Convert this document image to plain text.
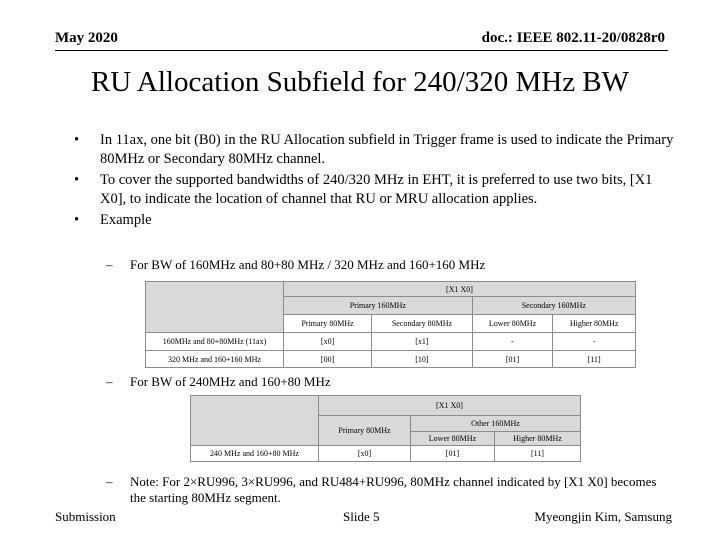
May 2020	doc.: IEEE 802.11-20/0828r0
RU Allocation Subfield for 240/320 MHz BW
• In 11ax, one bit (B0) in the RU Allocation subfield in Trigger frame is used to indicate the Primary 80MHz or Secondary 80MHz channel.
• To cover the supported bandwidths of 240/320 MHz in EHT, it is preferred to use two bits, [X1 X0], to indicate the location of channel that RU or MRU allocation applies.
• Example
–	For BW of 160MHz and 80+80 MHz / 320 MHz and 160+160 MHz
	[X1 X0]			
	Primary 160MHz		Secondary 160MHz	
	Primary 80MHz	Secondary 80MHz	Lower 80MHz	Higher 80MHz
160MHz and 80+80MHz (11ax)	[x0]	[x1]	-	-
320 MHz and 160+160 MHz	[00]	[10]	[01]	[11]
–	For BW of 240MHz and 160+80 MHz
	[X1 X0]		
	Primary 80MHz	Other 160MHz	
		Lower 80MHz	Higher 80MHz
240 MHz and 160+80 MHz	[x0]	[01]	[11]
–	Note: For 2×RU996, 3×RU996, and RU484+RU996, 80MHz channel indicated by [X1 X0] becomes the starting 80MHz segment.
Submission	Slide 5	Myeongjin Kim, Samsung
